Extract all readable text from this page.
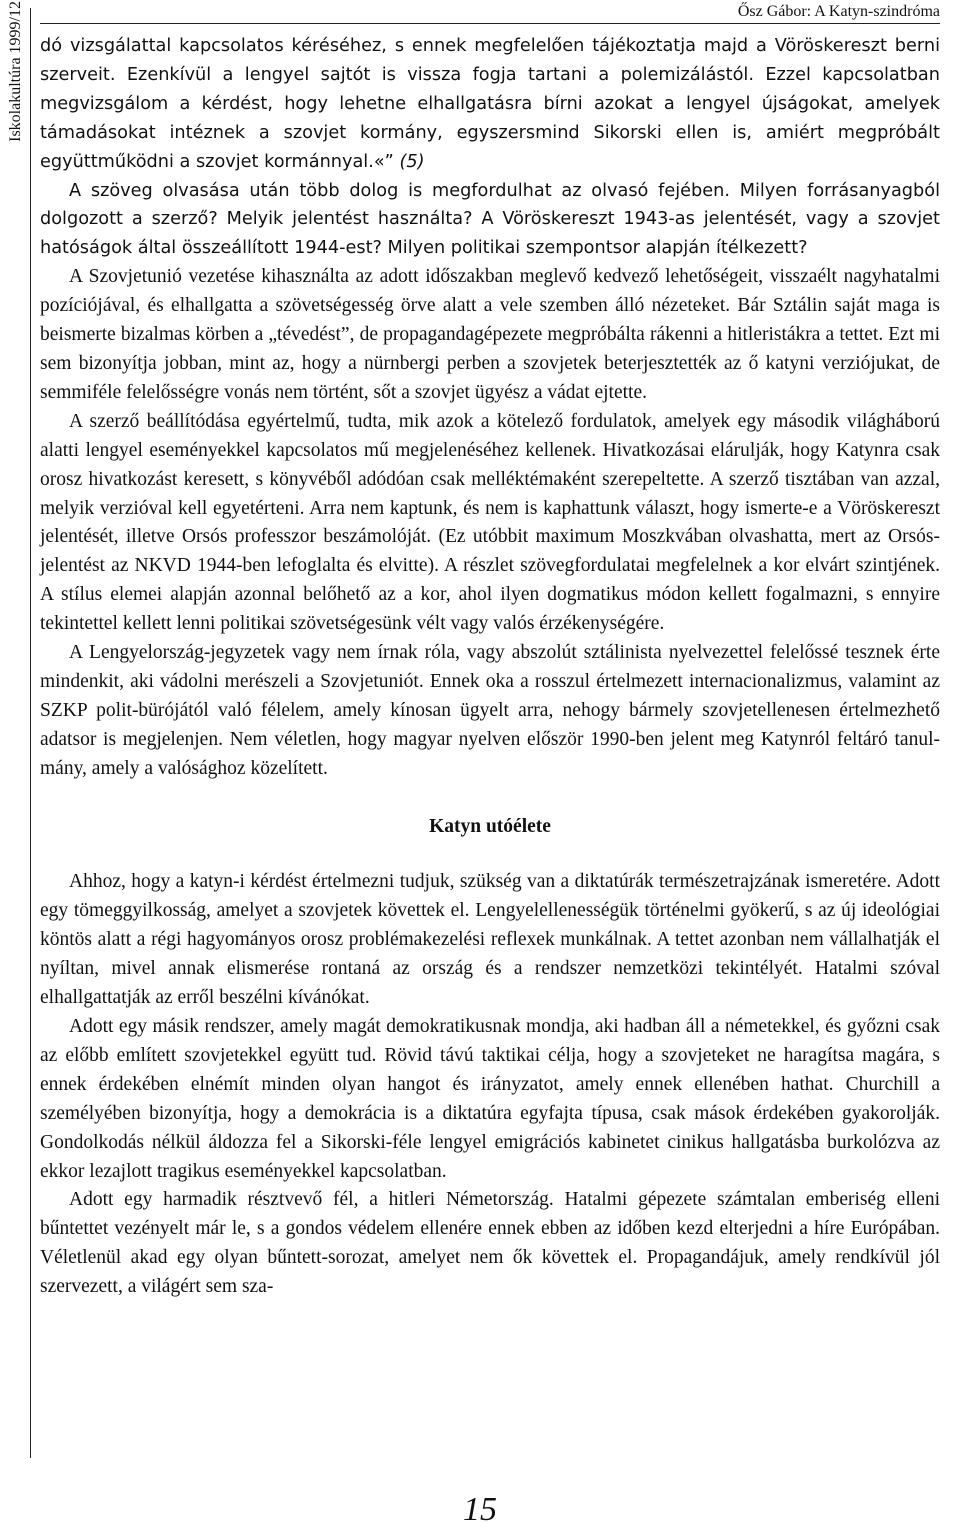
Ősz Gábor: A Katyn-szindróma
Iskolakultúra 1999/12 dó vizsgálattal kapcsolatos kéréséhez, s ennek megfelelően tájékoztatja majd a Vöröskereszt berni szerveit. Ezenkívül a lengyel sajtót is vissza fogja tartani a polemizálástól. Ezzel kapcsolatban megvizsgálom a kérdést, hogy lehetne elhallgatásra bírni azokat a lengyel újságokat, amelyek támadásokat intéznek a szovjet kormány, egyszersmind Sikorski ellen is, amiért megpróbált együttműködni a szovjet kormánnyal.«” (5)

A szöveg olvasása után több dolog is megfordulhat az olvasó fejében. Milyen forrásanyagból dolgozott a szerző? Melyik jelentést használta? A Vöröskereszt 1943-as jelentését, vagy a szovjet hatóságok által összeállított 1944-est? Milyen politikai szempontsor alapján ítélkezett?

A Szovjetunió vezetése kihasználta az adott időszakban meglevő kedvező lehetőségeit, visszaélt nagyhatalmi pozíciójával, és elhallgatta a szövetségesség örve alatt a vele szemben álló nézeteket. Bár Sztálin saját maga is beismerte bizalmas körben a „tévedést”, de propagandagépezete megpróbálta rákenni a hitleristákra a tettet. Ezt mi sem bizonyítja jobban, mint az, hogy a nürnbergi perben a szovjetek beterjesztették az ő katyni verziójukat, de semmiféle felelősségre vonás nem történt, sőt a szovjet ügyész a vádat ejtette.

A szerző beállítódása egyértelmű, tudta, mik azok a kötelező fordulatok, amelyek egy második világháború alatti lengyel eseményekkel kapcsolatos mű megjelenéséhez kellenek. Hivatkozásai elárulják, hogy Katynra csak orosz hivatkozást keresett, s könyvéből adódóan csak melléktémaként szerepeltette. A szerző tisztában van azzal, melyik verzióval kell egyetérteni. Arra nem kaptunk, és nem is kaphattunk választ, hogy ismerte-e a Vöröskereszt jelentését, illetve Orsós professzor beszámolóját. (Ez utóbbit maximum Moszkvában olvashatta, mert az Orsós-jelentést az NKVD 1944-ben lefoglalta és elvitte). A részlet szövegfordulatai megfelelnek a kor elvárt szintjének. A stílus elemei alapján azonnal belőhető az a kor, ahol ilyen dogmatikus módon kellett fogalmazni, s ennyire tekintettel kellett lenni politikai szövetségesünk vélt vagy valós érzékenységére.

A Lengyelország-jegyzetek vagy nem írnak róla, vagy abszolút sztálinista nyelvezettel felelőssé tesznek érte mindenkit, aki vádolni merészeli a Szovjetuniót. Ennek oka a rosszul értelmezett internacionalizmus, valamint az SZKP polit-bürójától való félelem, amely kínosan ügyelt arra, nehogy bármely szovjetellenesen értelmezhető adatsor is megjelenjen. Nem véletlen, hogy magyar nyelven először 1990-ben jelent meg Katynról feltáró tanulmány, amely a valósághoz közelített.

Katyn utóélete

Ahhoz, hogy a katyn-i kérdést értelmezni tudjuk, szükség van a diktatúrák természetrajzának ismeretére. Adott egy tömeggyilkosság, amelyet a szovjetek követtek el. Lengyelellenességük történelmi gyökerű, s az új ideológiai köntös alatt a régi hagyományos orosz problémakezelési reflexek munkálnak. A tettet azonban nem vállalhatják el nyíltan, mivel annak elismerése rontaná az ország és a rendszer nemzetközi tekintélyét. Hatalmi szóval elhallgattatják az erről beszélni kívánókat.

Adott egy másik rendszer, amely magát demokratikusnak mondja, aki hadban áll a németekkel, és győzni csak az előbb említett szovjetekkel együtt tud. Rövid távú taktikai célja, hogy a szovjeteket ne haragítsa magára, s ennek érdekében elnémít minden olyan hangot és irányzatot, amely ennek ellenében hathat. Churchill a személyében bizonyítja, hogy a demokrácia is a diktatúra egyfajta típusa, csak mások érdekében gyakorolják. Gondolkodás nélkül áldozza fel a Sikorski-féle lengyel emigrációs kabinetet cinikus hallgatásba burkolózva az ekkor lezajlott tragikus eseményekkel kapcsolatban.

Adott egy harmadik résztvevő fél, a hitleri Németország. Hatalmi gépezete számtalan emberiség elleni bűntettet vezényelt már le, s a gondos védelem ellenére ennek ebben az időben kezd elterjedni a híre Európában. Véletlenül akad egy olyan bűntett-sorozat, amelyet nem ők követtek el. Propagandájuk, amely rendkívül jól szervezett, a világért sem sza-

15
